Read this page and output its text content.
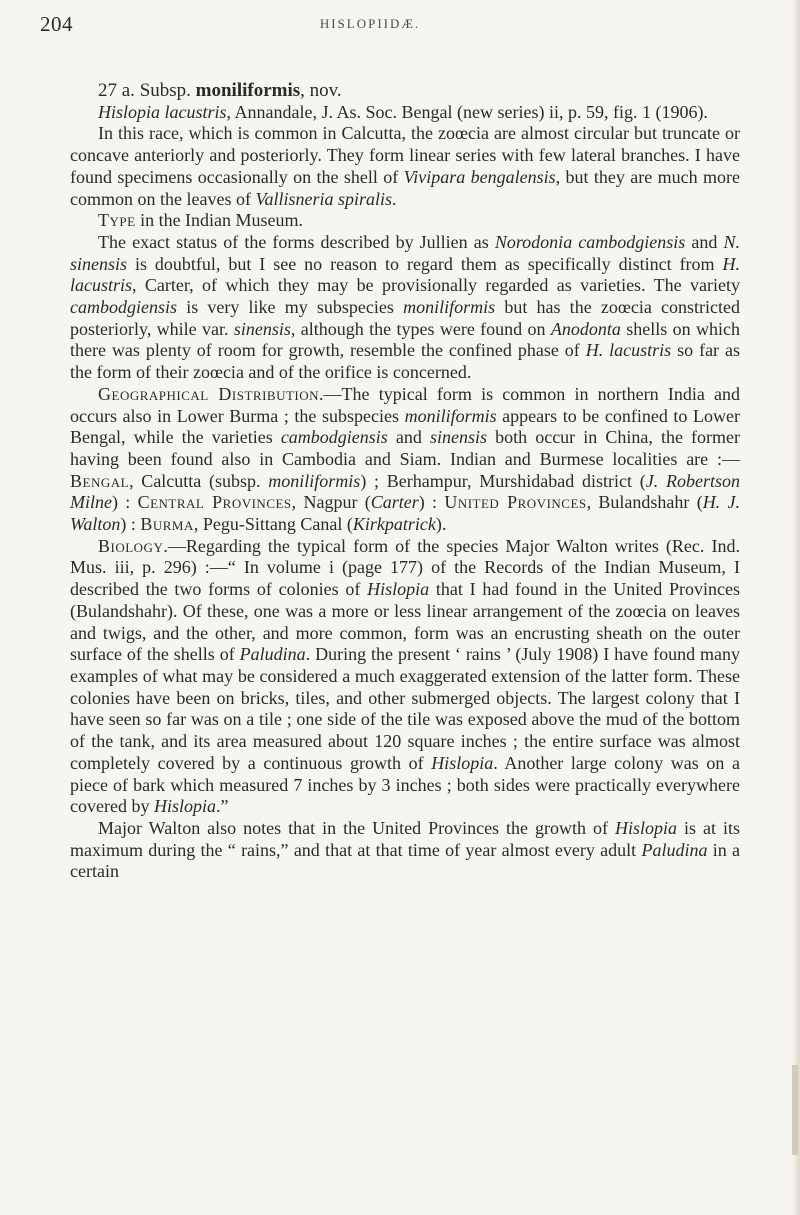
204	HISLOPIIDÆ.

27 a. Subsp. moniliformis, nov.

Hislopia lacustris, Annandale, J. As. Soc. Bengal (new series) ii, p. 59, fig. 1 (1906).

In this race, which is common in Calcutta, the zoœcia are almost circular but truncate or concave anteriorly and posteriorly. They form linear series with few lateral branches. I have found specimens occasionally on the shell of Vivipara bengalensis, but they are much more common on the leaves of Vallisneria spiralis.

Type in the Indian Museum.

The exact status of the forms described by Jullien as Norodonia cambodgiensis and N. sinensis is doubtful, but I see no reason to regard them as specifically distinct from H. lacustris, Carter, of which they may be provisionally regarded as varieties. The variety cambodgiensis is very like my subspecies moniliformis but has the zoœcia constricted posteriorly, while var. sinensis, although the types were found on Anodonta shells on which there was plenty of room for growth, resemble the confined phase of H. lacustris so far as the form of their zoœcia and of the orifice is concerned.

Geographical Distribution.—The typical form is common in northern India and occurs also in Lower Burma ; the subspecies moniliformis appears to be confined to Lower Bengal, while the varieties cambodgiensis and sinensis both occur in China, the former having been found also in Cambodia and Siam. Indian and Burmese localities are :—Bengal, Calcutta (subsp. moniliformis) ; Berhampur, Murshidabad district (J. Robertson Milne) : Central Provinces, Nagpur (Carter) : United Provinces, Bulandshahr (H. J. Walton) : Burma, Pegu-Sittang Canal (Kirkpatrick).

Biology.—Regarding the typical form of the species Major Walton writes (Rec. Ind. Mus. iii, p. 296) :—“ In volume i (page 177) of the Records of the Indian Museum, I described the two forms of colonies of Hislopia that I had found in the United Provinces (Bulandshahr). Of these, one was a more or less linear arrangement of the zoœcia on leaves and twigs, and the other, and more common, form was an encrusting sheath on the outer surface of the shells of Paludina. During the present ‘ rains ’ (July 1908) I have found many examples of what may be considered a much exaggerated extension of the latter form. These colonies have been on bricks, tiles, and other submerged objects. The largest colony that I have seen so far was on a tile ; one side of the tile was exposed above the mud of the bottom of the tank, and its area measured about 120 square inches ; the entire surface was almost completely covered by a continuous growth of Hislopia. Another large colony was on a piece of bark which measured 7 inches by 3 inches ; both sides were practically everywhere covered by Hislopia.”

Major Walton also notes that in the United Provinces the growth of Hislopia is at its maximum during the “ rains,” and that at that time of year almost every adult Paludina in a certain
